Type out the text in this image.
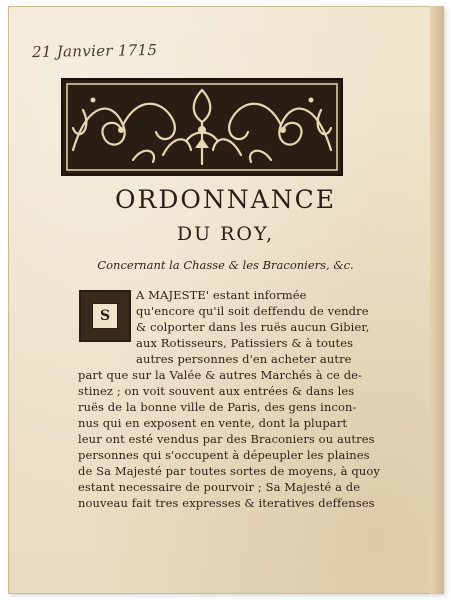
21 Janvier 1715
ORDONNANCE
DU ROY,
Concernant la Chasse & les Braconiers, &c.
S
A MAJESTE' estant informée
qu'encore qu'il soit deffendu de vendre
& colporter dans les ruës aucun Gibier,
aux Rotisseurs, Patissiers & à toutes
autres personnes d'en acheter autre
part que sur la Valée & autres Marchés à ce de-
stinez ; on voit souvent aux entrées & dans les
ruës de la bonne ville de Paris, des gens incon-
nus qui en exposent en vente, dont la plupart
leur ont esté vendus par des Braconiers ou autres
personnes qui s'occupent à dépeupler les plaines
de Sa Majesté par toutes sortes de moyens, à quoy
estant necessaire de pourvoir ; Sa Majesté a de
nouveau fait tres expresses & iteratives deffenses
